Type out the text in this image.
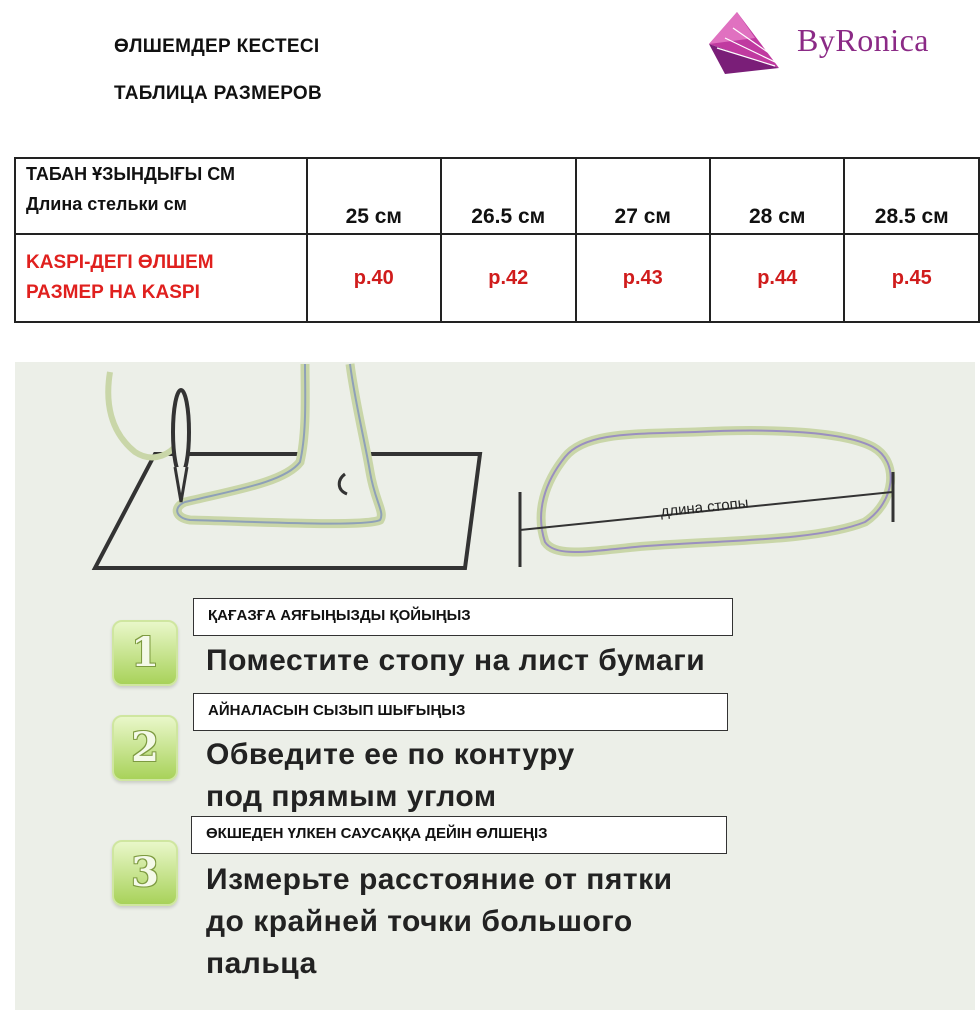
ӨЛШЕМДЕР КЕСТЕСІ
ТАБЛИЦА РАЗМЕРОВ
ByRonica
ТАБАН ҰЗЫНДЫҒЫ СМ
Длина стельки см	25 см	26.5 см	27 см	28 см	28.5 см

KASPI-ДЕГІ ӨЛШЕМ
РАЗМЕР НА KASPI	р.40	р.42	р.43	р.44	р.45
длина стопы
ҚАҒАЗҒА АЯҒЫҢЫЗДЫ ҚОЙЫҢЫЗ
1	Поместите стопу на лист бумаги
АЙНАЛАСЫН СЫЗЫП ШЫҒЫҢЫЗ
2	Обведите ее по контуру
под прямым углом
ӨКШЕДЕН ҮЛКЕН САУСАҚҚА ДЕЙІН ӨЛШЕҢІЗ
3	Измерьте расстояние от пятки
до крайней точки большого
пальца
